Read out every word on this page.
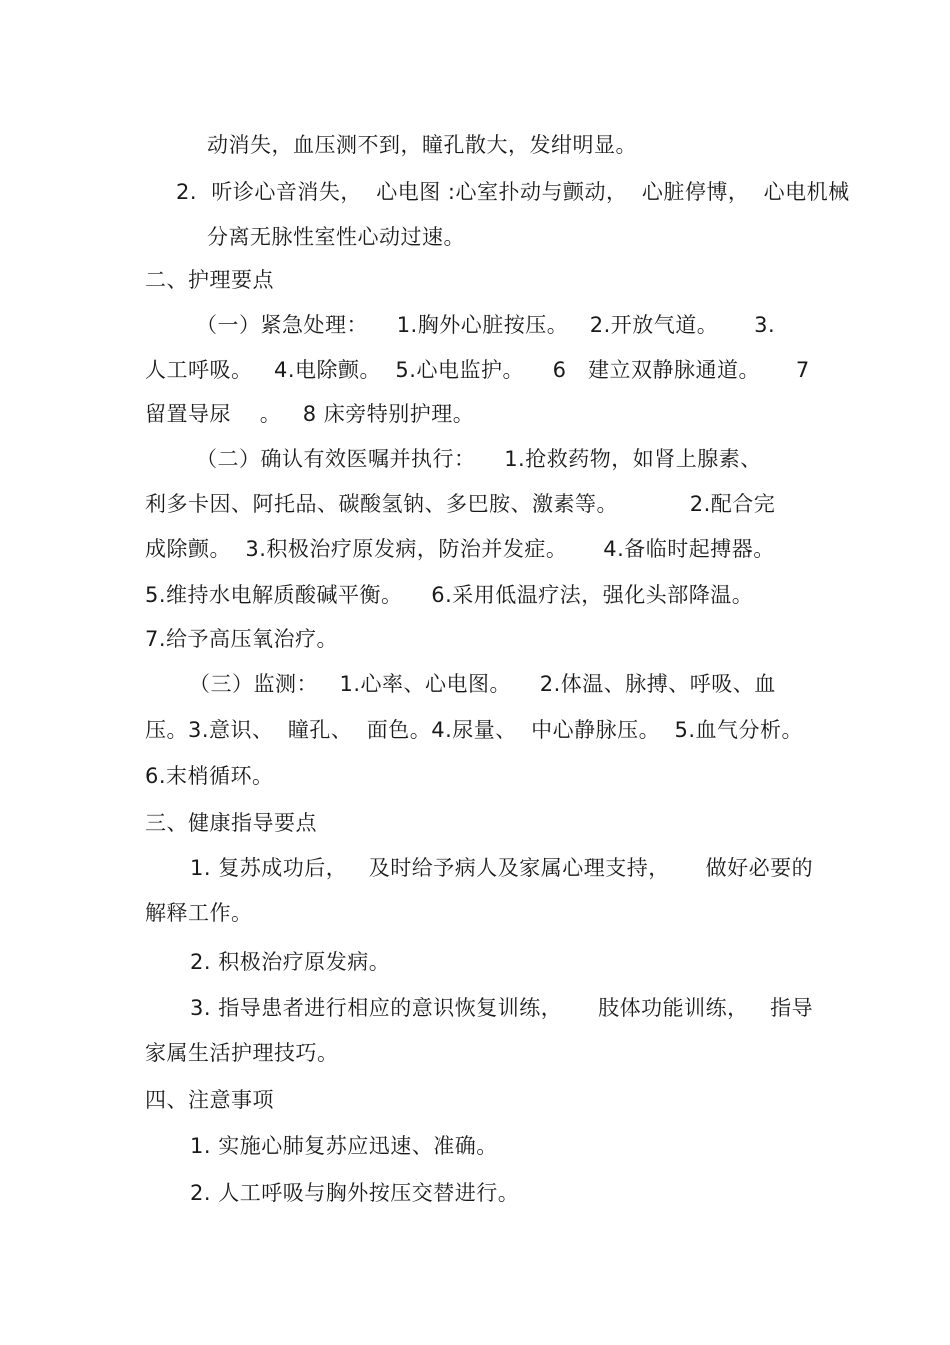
动消失，血压测不到，瞳孔散大，发绀明显。
2.  听诊心音消失，  心电图 :心室扑动与颤动，  心脏停博，  心电机械
分离无脉性室性心动过速。
二、护理要点
（一）紧急处理：    1.胸外心脏按压。   2.开放气道。     3.
人工呼吸。   4.电除颤。  5.心电监护。    6   建立双静脉通道。     7
留置导尿    。   8 床旁特别护理。
（二）确认有效医嘱并执行：    1.抢救药物，如肾上腺素、
利多卡因、阿托品、碳酸氢钠、多巴胺、激素等。          2.配合完
成除颤。  3.积极治疗原发病，防治并发症。     4.备临时起搏器。
5.维持水电解质酸碱平衡。    6.采用低温疗法，强化头部降温。
7.给予高压氧治疗。
（三）监测：   1.心率、心电图。    2.体温、脉搏、呼吸、血
压。3.意识、  瞳孔、  面色。4.尿量、  中心静脉压。  5.血气分析。
6.末梢循环。
三、健康指导要点
1. 复苏成功后，   及时给予病人及家属心理支持，     做好必要的
解释工作。
2. 积极治疗原发病。
3. 指导患者进行相应的意识恢复训练，     肢体功能训练，   指导
家属生活护理技巧。
四、注意事项
1. 实施心肺复苏应迅速、准确。
2. 人工呼吸与胸外按压交替进行。
